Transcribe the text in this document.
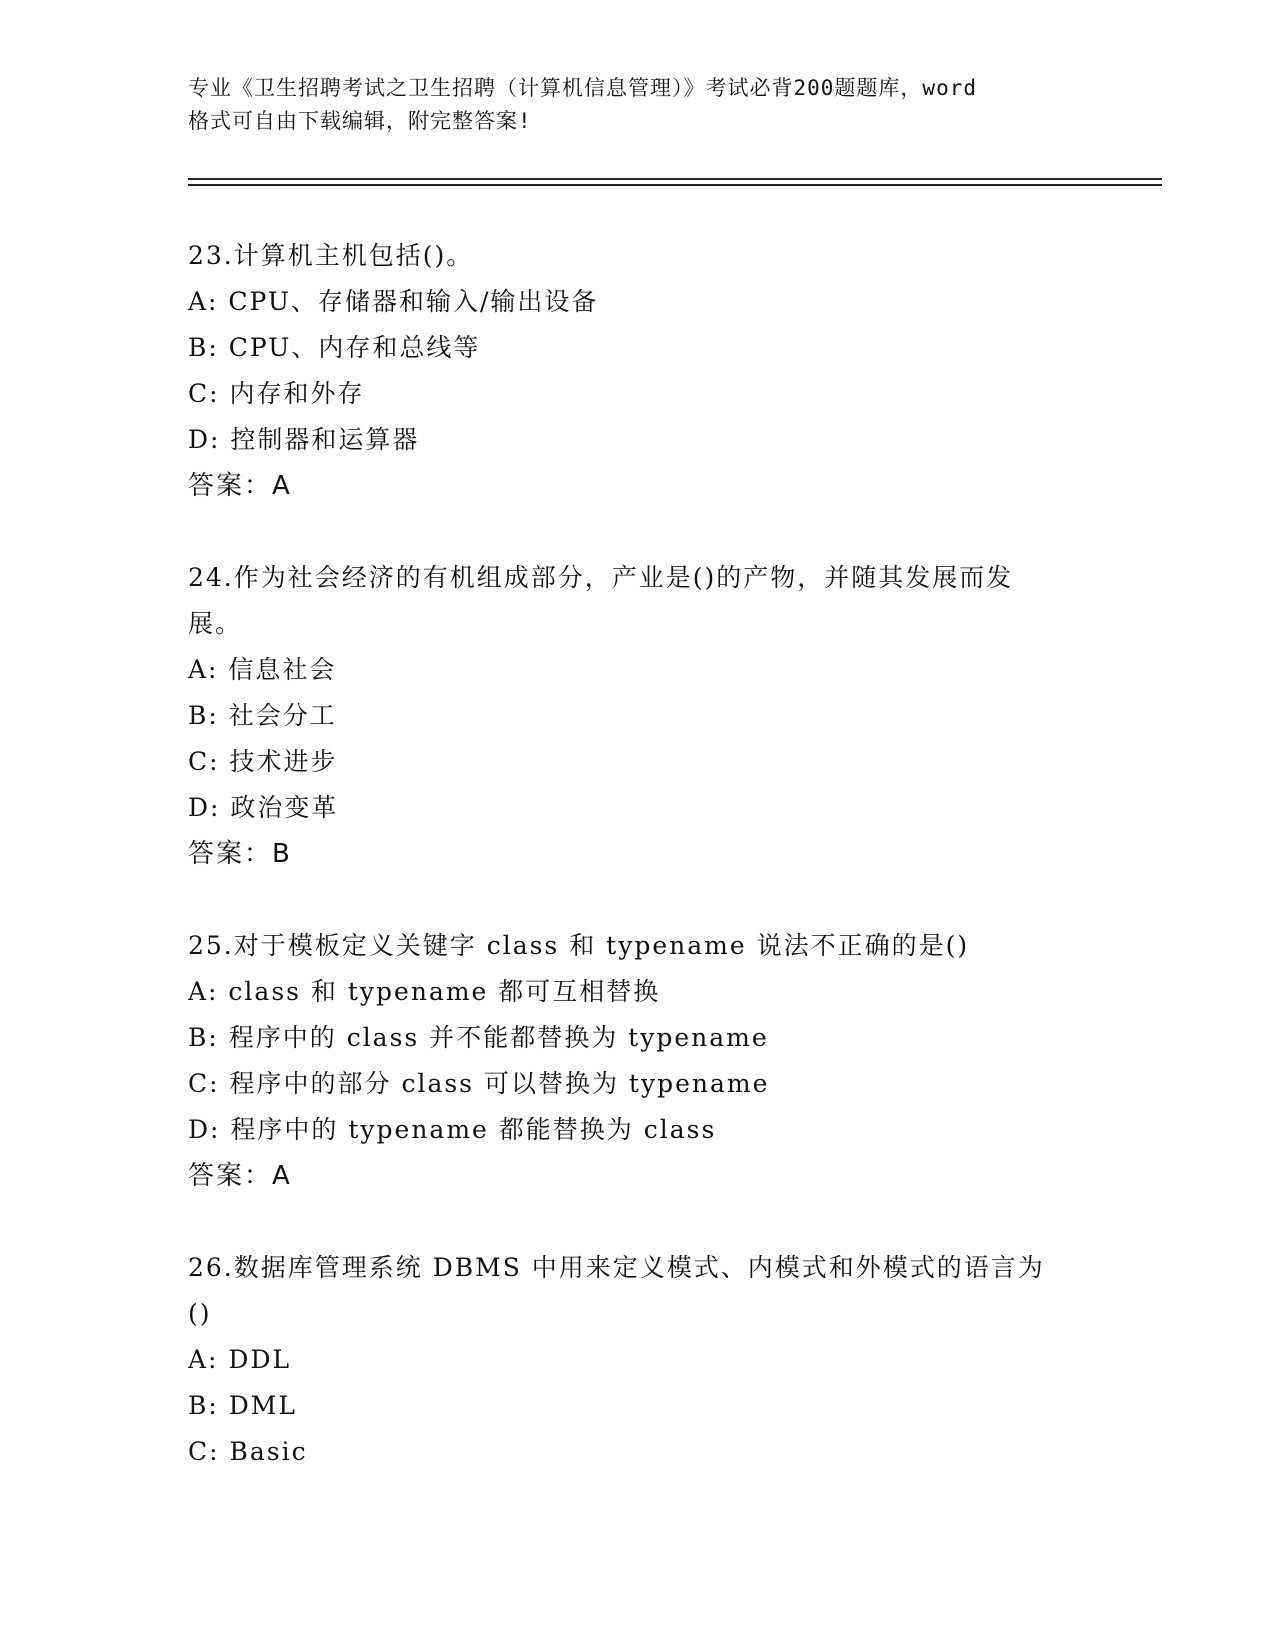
专业《卫生招聘考试之卫生招聘（计算机信息管理）》考试必背200题题库，word
格式可自由下载编辑，附完整答案!
23.计算机主机包括()。
A: CPU、存储器和输入/输出设备
B: CPU、内存和总线等
C: 内存和外存
D: 控制器和运算器
答案：A
24.作为社会经济的有机组成部分，产业是()的产物，并随其发展而发
展。
A: 信息社会
B: 社会分工
C: 技术进步
D: 政治变革
答案：B
25.对于模板定义关键字 class 和 typename 说法不正确的是()
A: class 和 typename 都可互相替换
B: 程序中的 class 并不能都替换为 typename
C: 程序中的部分 class 可以替换为 typename
D: 程序中的 typename 都能替换为 class
答案：A
26.数据库管理系统 DBMS 中用来定义模式、内模式和外模式的语言为
()
A: DDL
B: DML
C: Basic
